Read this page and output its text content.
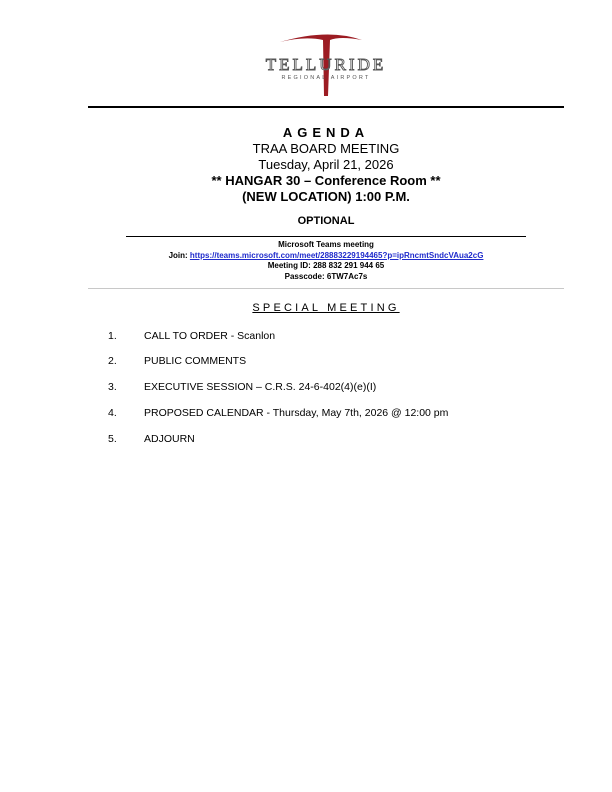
TELLURIDE
REGIONAL AIRPORT
AGENDA
TRAA BOARD MEETING
Tuesday, April 21, 2026
** HANGAR 30 – Conference Room **
(NEW LOCATION) 1:00 P.M.
OPTIONAL
Microsoft Teams meeting
Join: https://teams.microsoft.com/meet/28883229194465?p=ipRncmtSndcVAua2cG
Meeting ID: 288 832 291 944 65
Passcode: 6TW7Ac7s
SPECIAL MEETING
1.	CALL TO ORDER - Scanlon
2.	PUBLIC COMMENTS
3.	EXECUTIVE SESSION – C.R.S. 24-6-402(4)(e)(I)
4.	PROPOSED CALENDAR - Thursday, May 7th, 2026 @ 12:00 pm
5.	ADJOURN
